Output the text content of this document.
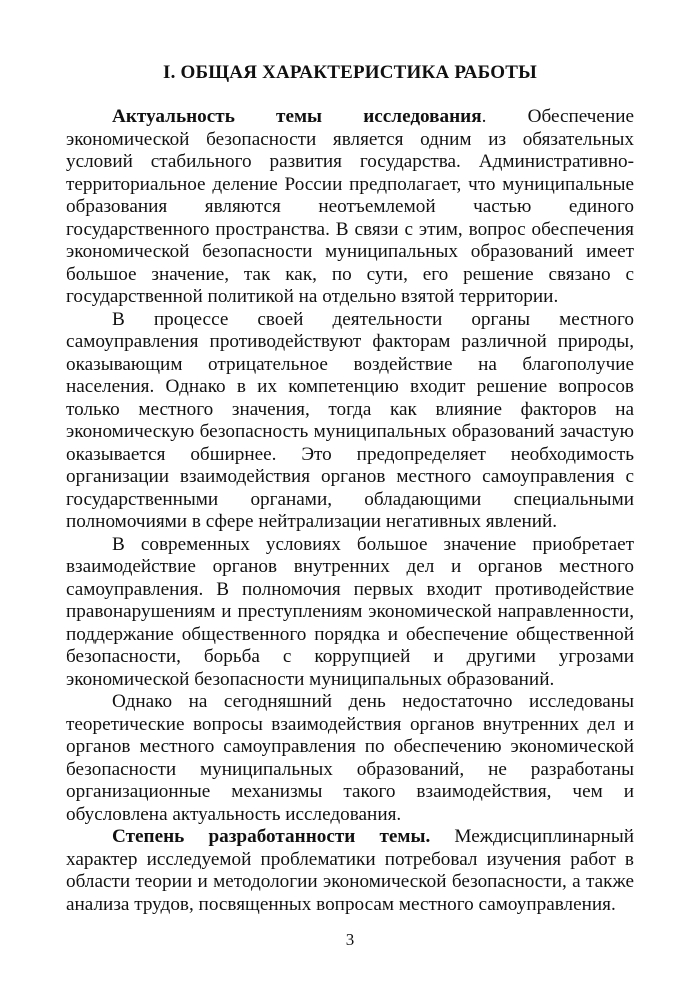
I. ОБЩАЯ ХАРАКТЕРИСТИКА РАБОТЫ

Актуальность темы исследования. Обеспечение экономической безопасности является одним из обязательных условий стабильного развития государства. Административно-территориальное деление России предполагает, что муниципальные образования являются неотъемлемой частью единого государственного пространства. В связи с этим, вопрос обеспечения экономической безопасности муниципальных образований имеет большое значение, так как, по сути, его решение связано с государственной политикой на отдельно взятой территории.

В процессе своей деятельности органы местного самоуправления противодействуют факторам различной природы, оказывающим отрицательное воздействие на благополучие населения. Однако в их компетенцию входит решение вопросов только местного значения, тогда как влияние факторов на экономическую безопасность муниципальных образований зачастую оказывается обширнее. Это предопределяет необходимость организации взаимодействия органов местного самоуправления с государственными органами, обладающими специальными полномочиями в сфере нейтрализации негативных явлений.

В современных условиях большое значение приобретает взаимодействие органов внутренних дел и органов местного самоуправления. В полномочия первых входит противодействие правонарушениям и преступлениям экономической направленности, поддержание общественного порядка и обеспечение общественной безопасности, борьба с коррупцией и другими угрозами экономической безопасности муниципальных образований.

Однако на сегодняшний день недостаточно исследованы теоретические вопросы взаимодействия органов внутренних дел и органов местного самоуправления по обеспечению экономической безопасности муниципальных образований, не разработаны организационные механизмы такого взаимодействия, чем и обусловлена актуальность исследования.

Степень разработанности темы. Междисциплинарный характер исследуемой проблематики потребовал изучения работ в области теории и методологии экономической безопасности, а также анализа трудов, посвященных вопросам местного самоуправления.

3
